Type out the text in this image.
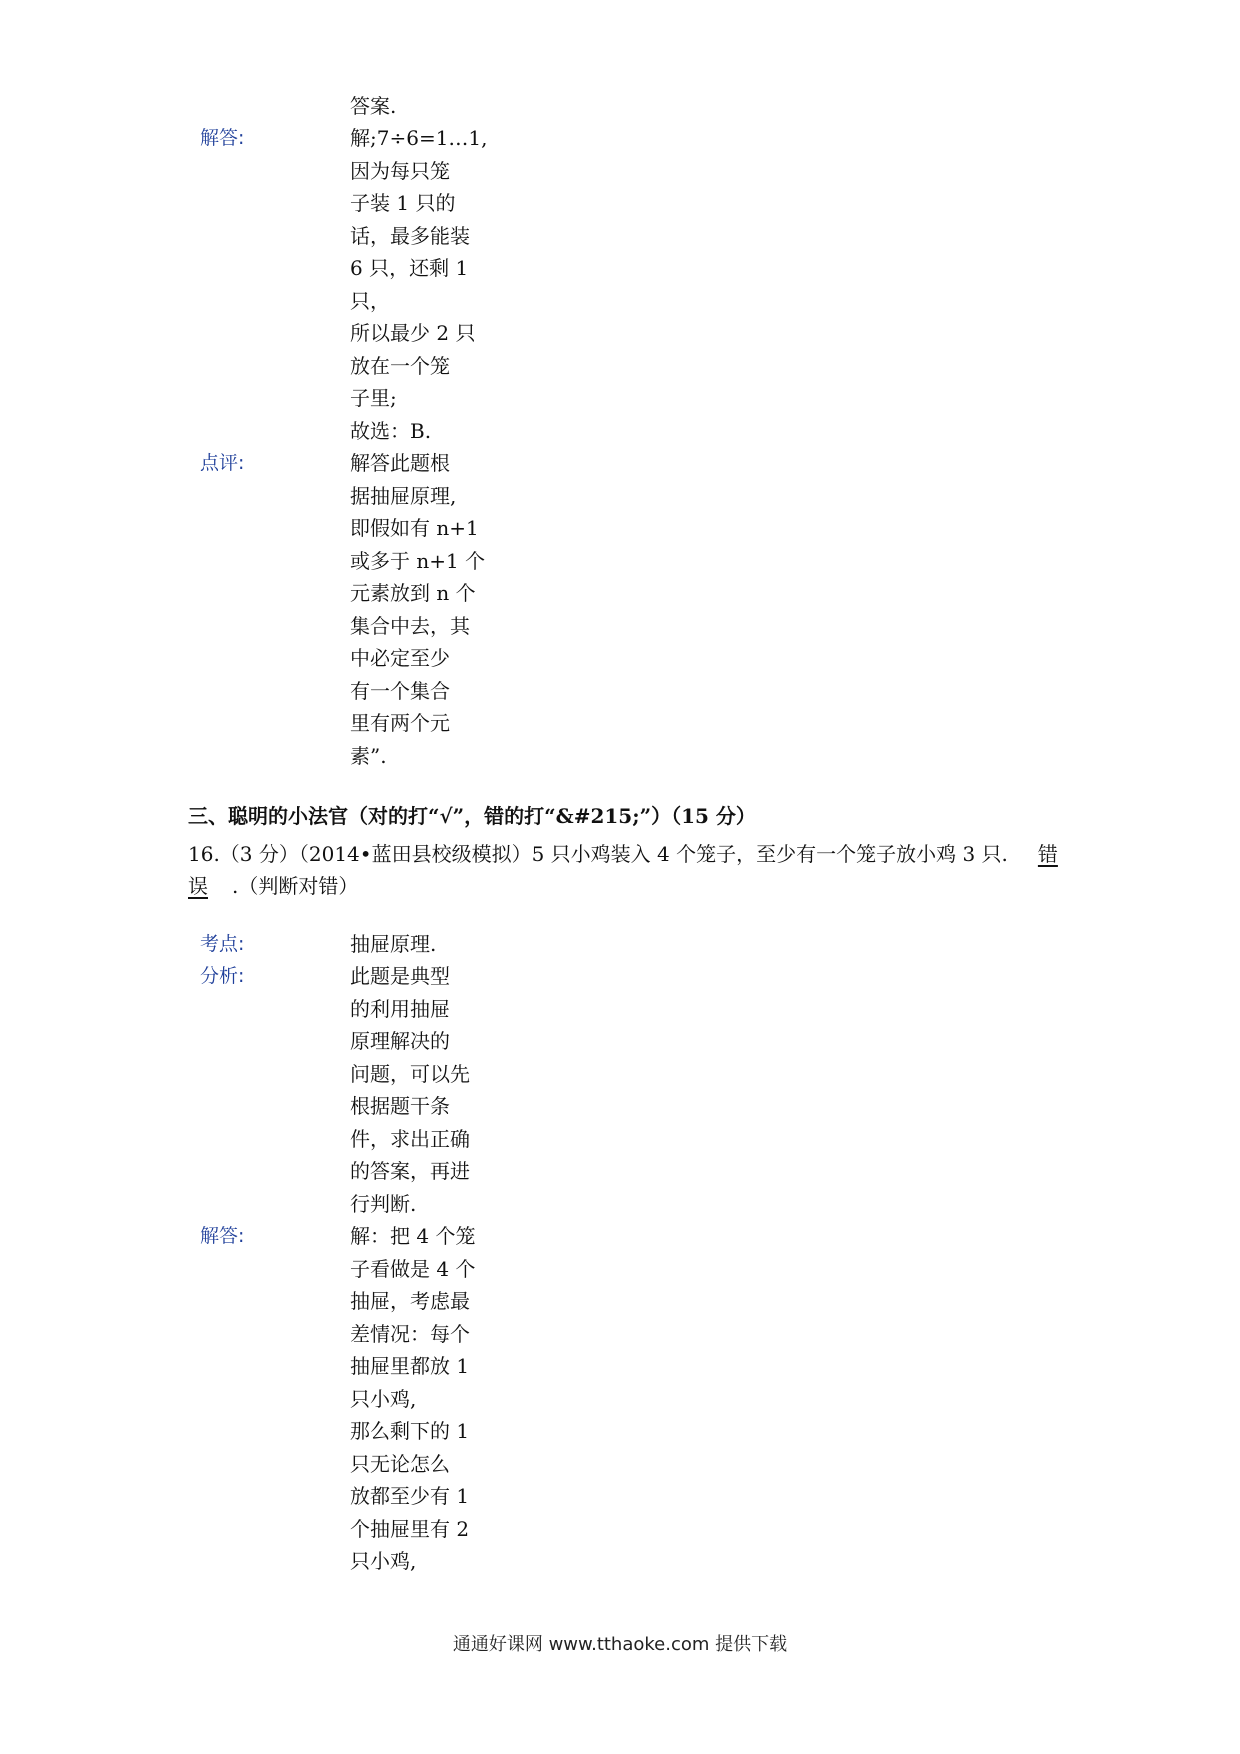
答案.
解答:	解;7÷6=1…1,
因为每只笼
子装 1 只的
话，最多能装
6 只，还剩 1
只，
所以最少 2 只
放在一个笼
子里;
故选：B.
点评:	解答此题根
据抽屉原理,
即假如有 n+1
或多于 n+1 个
元素放到 n 个
集合中去，其
中必定至少
有一个集合
里有两个元
素”.
三、聪明的小法官（对的打“√”，错的打“&#215;”）（15 分）
16.（3 分）（2014•蓝田县校级模拟）5 只小鸡装入 4 个笼子，至少有一个笼子放小鸡 3 只. 错
误 .（判断对错）
考点:	抽屉原理.
分析:	此题是典型
的利用抽屉
原理解决的
问题，可以先
根据题干条
件，求出正确
的答案，再进
行判断.
解答:	解：把 4 个笼
子看做是 4 个
抽屉，考虑最
差情况：每个
抽屉里都放 1
只小鸡,
那么剩下的 1
只无论怎么
放都至少有 1
个抽屉里有 2
只小鸡,
通通好课网 www.tthaoke.com 提供下载
